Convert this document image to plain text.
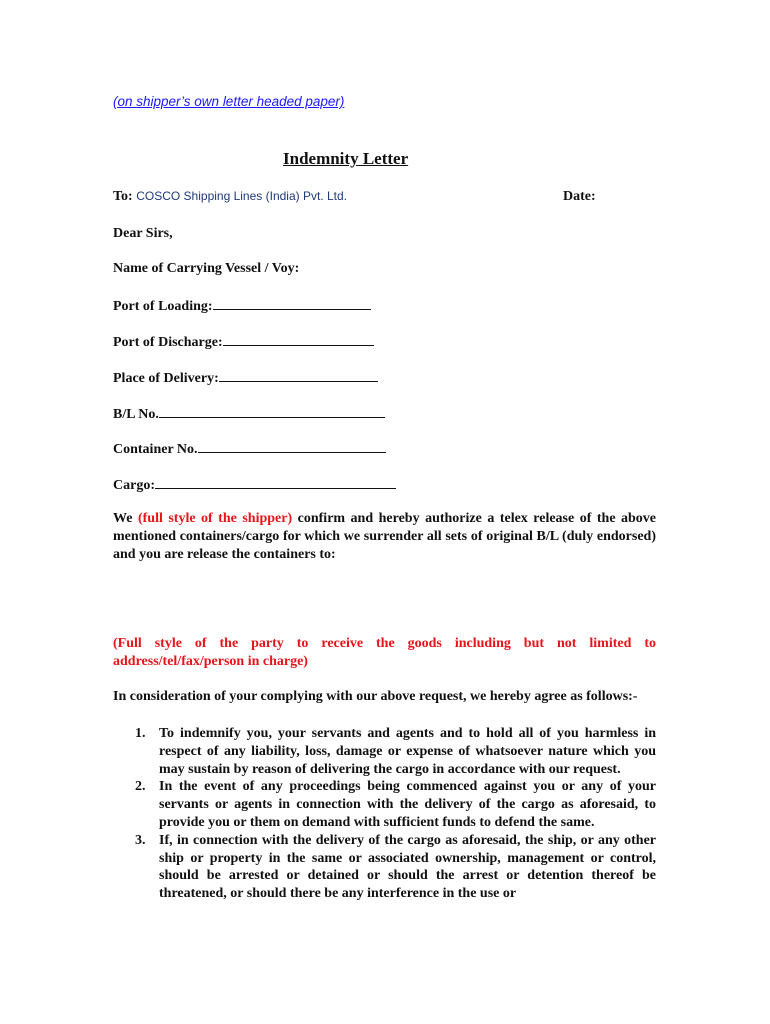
(on shipper’s own letter headed paper)
Indemnity Letter
To: COSCO Shipping Lines (India) Pvt. Ltd.	Date:
Dear Sirs,
Name of Carrying Vessel / Voy:
Port of Loading:
Port of Discharge:
Place of Delivery:
B/L No.
Container No.
Cargo:
We (full style of the shipper) confirm and hereby authorize a telex release of the above mentioned containers/cargo for which we surrender all sets of original B/L (duly endorsed) and you are release the containers to:
(Full style of the party to receive the goods including but not limited to address/tel/fax/person in charge)
In consideration of your complying with our above request, we hereby agree as follows:-
1. To indemnify you, your servants and agents and to hold all of you harmless in respect of any liability, loss, damage or expense of whatsoever nature which you may sustain by reason of delivering the cargo in accordance with our request.
2. In the event of any proceedings being commenced against you or any of your servants or agents in connection with the delivery of the cargo as aforesaid, to provide you or them on demand with sufficient funds to defend the same.
3. If, in connection with the delivery of the cargo as aforesaid, the ship, or any other ship or property in the same or associated ownership, management or control, should be arrested or detained or should the arrest or detention thereof be threatened, or should there be any interference in the use or
